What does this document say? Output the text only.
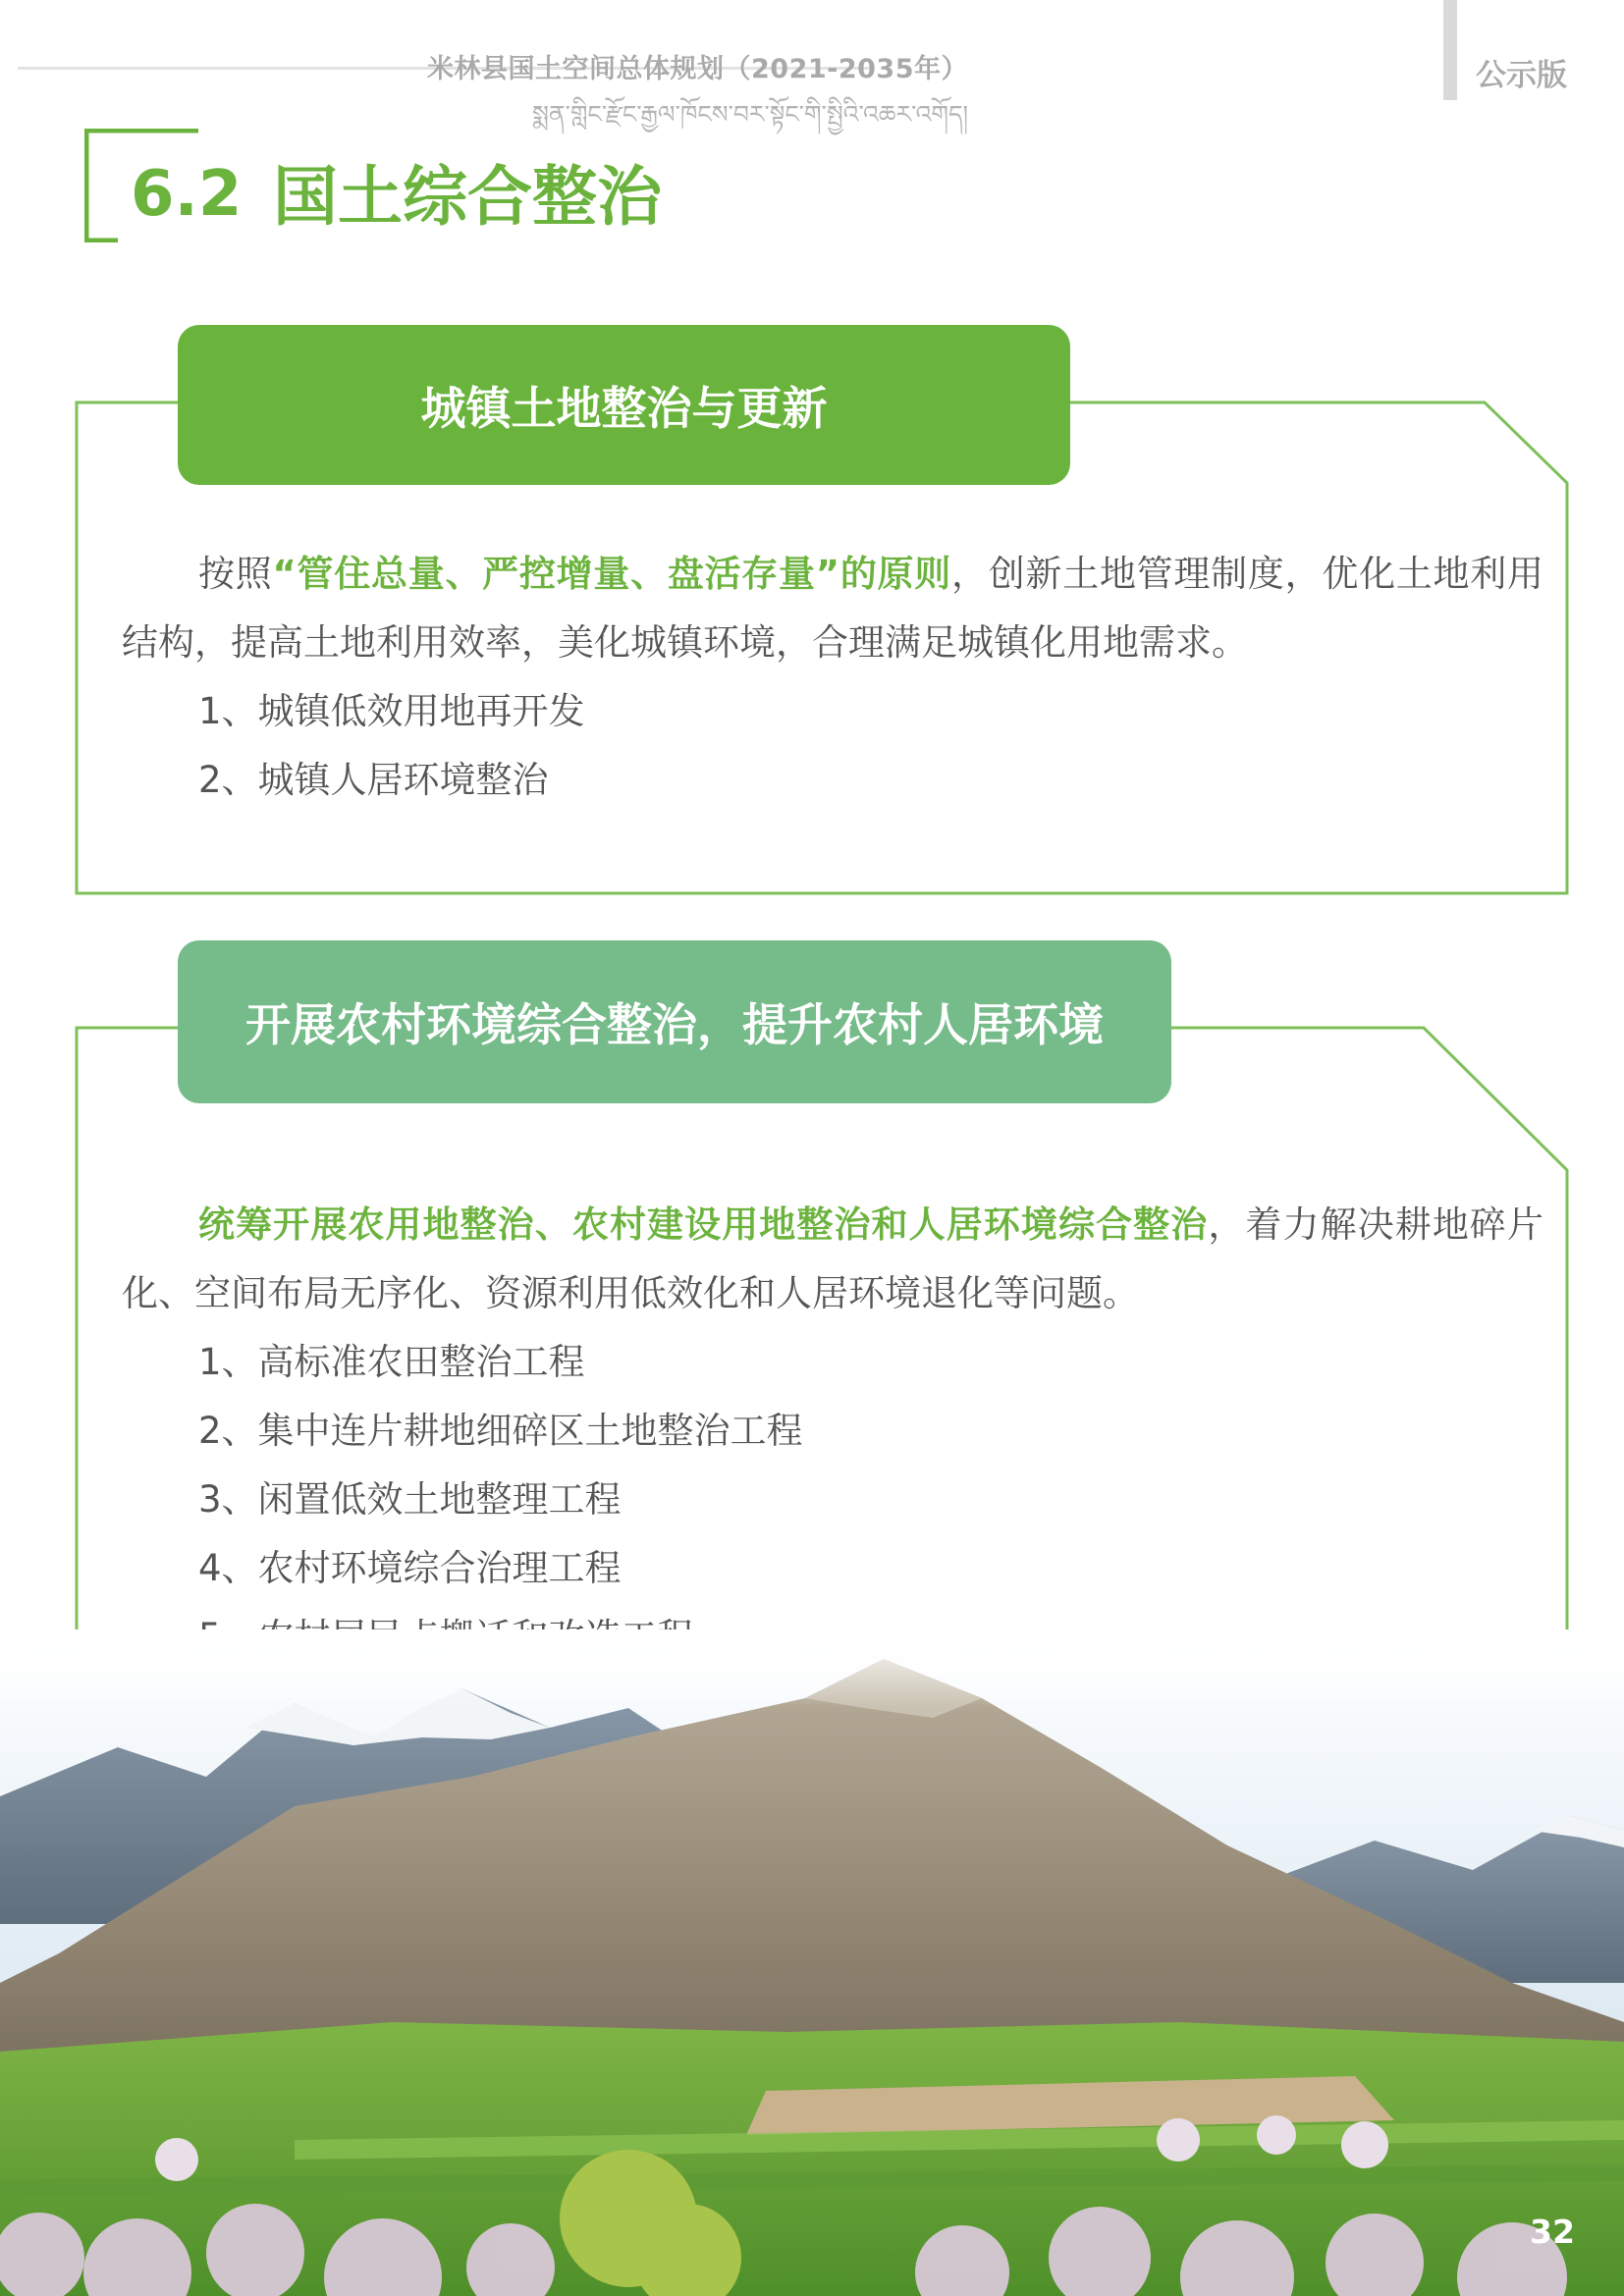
米林县国土空间总体规划（2021-2035年）
སྨན་གླིང་རྫོང་རྒྱལ་ཁོངས་བར་སྟོང་གི་སྤྱིའི་འཆར་འགོད།
公示版
6.2 国土综合整治
城镇土地整治与更新

按照“管住总量、严控增量、盘活存量”的原则，创新土地管理制度，优化土地利用结构，提高土地利用效率，美化城镇环境，合理满足城镇化用地需求。

1、城镇低效用地再开发
2、城镇人居环境整治
开展农村环境综合整治，提升农村人居环境

统筹开展农用地整治、农村建设用地整治和人居环境综合整治，着力解决耕地碎片化、空间布局无序化、资源利用低效化和人居环境退化等问题。

1、高标准农田整治工程
2、集中连片耕地细碎区土地整治工程
3、闲置低效土地整理工程
4、农村环境综合治理工程
32
